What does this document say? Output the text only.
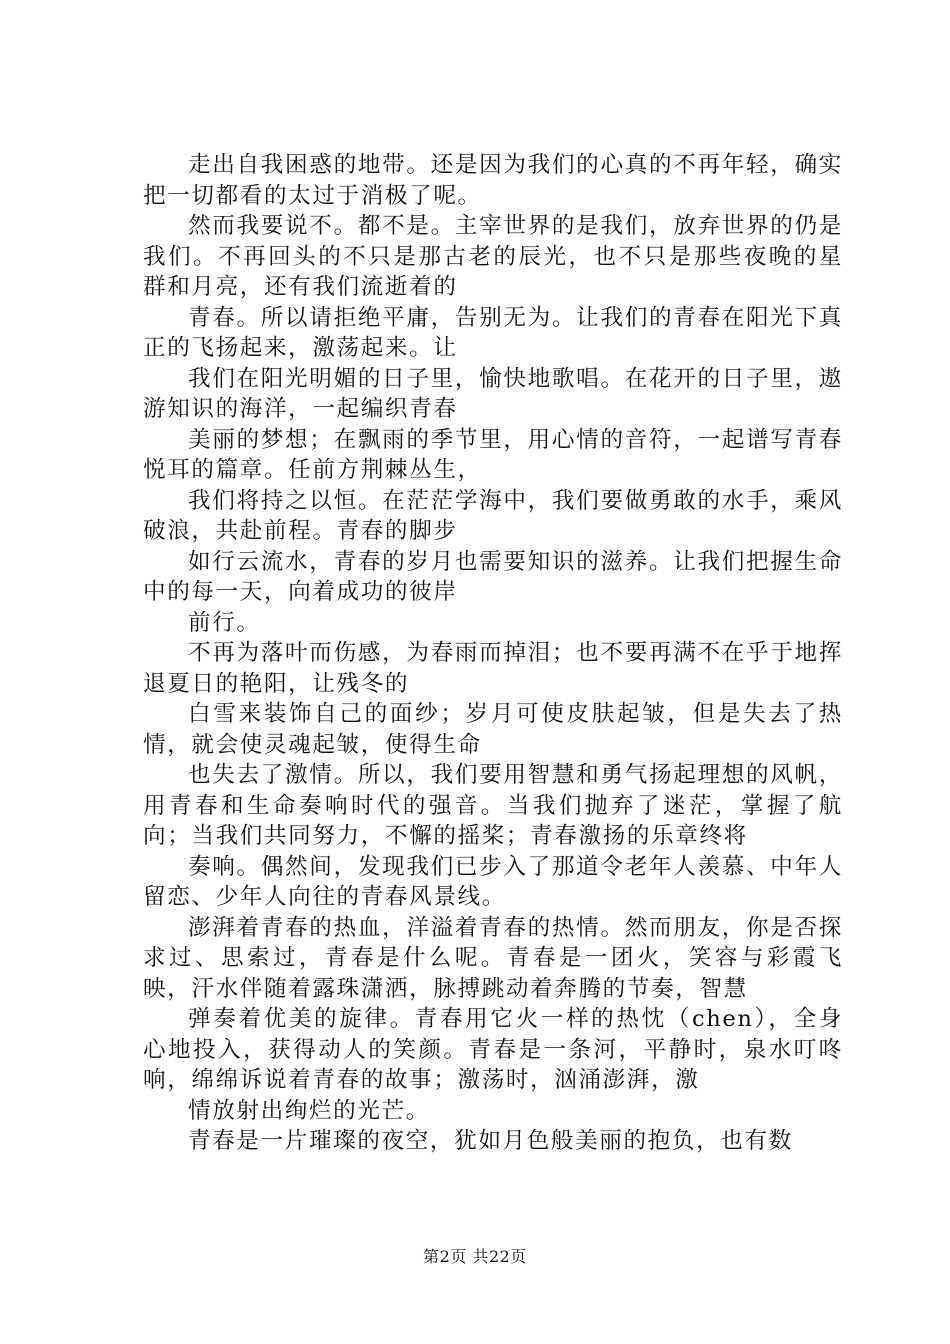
走出自我困惑的地带。还是因为我们的心真的不再年轻，确实把一切都看的太过于消极了呢。

然而我要说不。都不是。主宰世界的是我们，放弃世界的仍是我们。不再回头的不只是那古老的辰光，也不只是那些夜晚的星群和月亮，还有我们流逝着的

青春。所以请拒绝平庸，告别无为。让我们的青春在阳光下真正的飞扬起来，激荡起来。让

我们在阳光明媚的日子里，愉快地歌唱。在花开的日子里，遨游知识的海洋，一起编织青春

美丽的梦想；在飘雨的季节里，用心情的音符，一起谱写青春悦耳的篇章。任前方荆棘丛生，

我们将持之以恒。在茫茫学海中，我们要做勇敢的水手，乘风破浪，共赴前程。青春的脚步

如行云流水，青春的岁月也需要知识的滋养。让我们把握生命中的每一天，向着成功的彼岸

前行。

不再为落叶而伤感，为春雨而掉泪；也不要再满不在乎于地挥退夏日的艳阳，让残冬的

白雪来装饰自己的面纱；岁月可使皮肤起皱，但是失去了热情，就会使灵魂起皱，使得生命

也失去了激情。所以，我们要用智慧和勇气扬起理想的风帆，用青春和生命奏响时代的强音。当我们抛弃了迷茫，掌握了航向；当我们共同努力，不懈的摇桨；青春激扬的乐章终将

奏响。偶然间，发现我们已步入了那道令老年人羡慕、中年人留恋、少年人向往的青春风景线。

澎湃着青春的热血，洋溢着青春的热情。然而朋友，你是否探求过、思索过，青春是什么呢。青春是一团火，笑容与彩霞飞映，汗水伴随着露珠潇洒，脉搏跳动着奔腾的节奏，智慧

弹奏着优美的旋律。青春用它火一样的热忱（chen），全身心地投入，获得动人的笑颜。青春是一条河，平静时，泉水叮咚响，绵绵诉说着青春的故事；激荡时，汹涌澎湃，激

情放射出绚烂的光芒。

青春是一片璀璨的夜空，犹如月色般美丽的抱负，也有数

第2页 共22页
